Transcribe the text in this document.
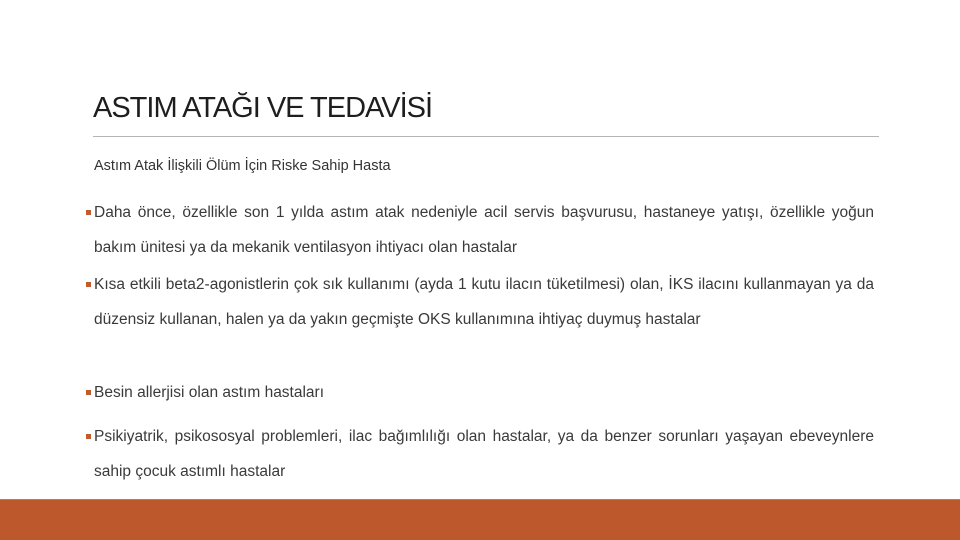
ASTIM ATAĞI VE TEDAVİSİ
Astım Atak İlişkili Ölüm İçin Riske Sahip Hasta
Daha önce, özellikle son 1 yılda astım atak nedeniyle acil servis başvurusu, hastaneye yatışı, özellikle yoğun bakım ünitesi ya da mekanik ventilasyon ihtiyacı olan hastalar
Kısa etkili beta2-agonistlerin çok sık kullanımı (ayda 1 kutu ilacın tüketilmesi) olan, İKS ilacını kullanmayan ya da düzensiz kullanan, halen ya da yakın geçmişte OKS kullanımına ihtiyaç duymuş hastalar
Besin allerjisi olan astım hastaları
Psikiyatrik, psikososyal problemleri, ilac bağımlılığı olan hastalar, ya da benzer sorunları yaşayan ebeveynlere sahip çocuk astımlı hastalar
